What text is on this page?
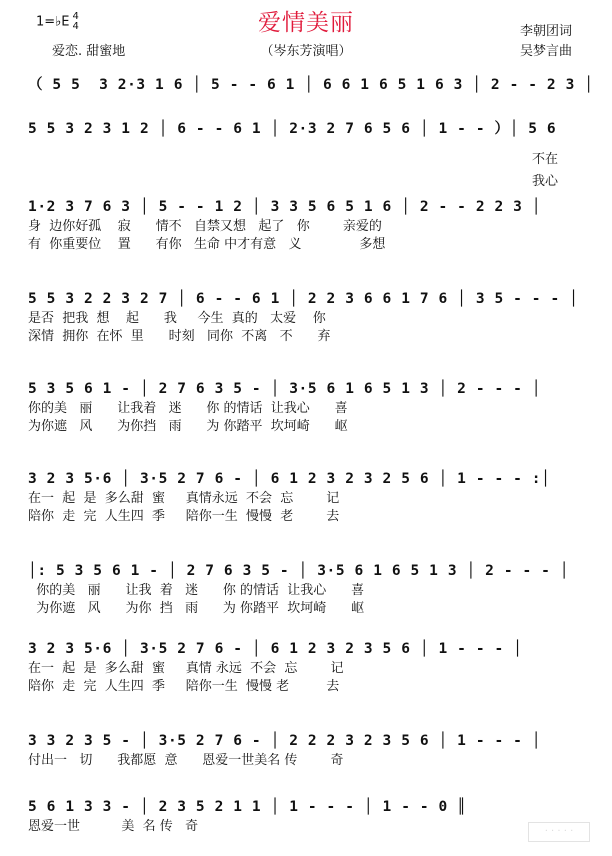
爱情美丽
1=♭E 4
4
爱恋. 甜蜜地	（岑东芳演唱）
李朝团词
吴梦言曲
（ 5 5  3 2·3 1 6 │ 5 - - 6 1 │ 6 6 1 6 5 1 6 3 │ 2 - - 2 3 │
5 5 3 2 3 1 2 │ 6 - - 6 1 │ 2·3 2 7 6 5 6 │ 1 - - ）│ 5 6
不在
我心
1·2 3 7 6 3 │ 5 - - 1 2 │ 3 3 5 6 5 1 6 │ 2 - - 2 2 3 │
身  边你好孤    寂      情不   自禁又想   起了   你        亲爱的
有  你重要位    置      有你   生命 中才有意   义              多想
5 5 3 2 2 3 2 7 │ 6 - - 6 1 │ 2 2 3 6 6 1 7 6 │ 3 5 - - - │
是否  把我  想    起      我     今生  真的   太爱    你
深情  拥你  在怀  里      时刻   同你  不离   不      弃
5 3 5 6 1 - │ 2 7 6 3 5 - │ 3·5 6 1 6 5 1 3 │ 2 - - - │
你的美   丽      让我着   迷      你 的情话  让我心      喜
为你遮   风      为你挡   雨      为 你踏平  坎坷崎      岖
3 2 3 5·6 │ 3·5 2 7 6 - │ 6 1 2 3 2 3 2 5 6 │ 1 - - - :│
在一  起  是  多么甜  蜜     真情永远  不会  忘        记
陪你  走  完  人生四  季     陪你一生  慢慢  老        去
│: 5 3 5 6 1 - │ 2 7 6 3 5 - │ 3·5 6 1 6 5 1 3 │ 2 - - - │
你的美   丽      让我  着   迷      你 的情话  让我心      喜
为你遮   风      为你  挡   雨      为 你踏平  坎坷崎      岖
3 2 3 5·6 │ 3·5 2 7 6 - │ 6 1 2 3 2 3 5 6 │ 1 - - - │
在一  起  是  多么甜  蜜     真情 永远  不会  忘        记
陪你  走  完  人生四  季     陪你一生  慢慢 老         去
3 3 2 3 5 - │ 3·5 2 7 6 - │ 2 2 2 3 2 3 5 6 │ 1 - - - │
付出一   切      我都愿  意      恩爱一世美名 传        奇
5 6 1 3 3 - │ 2 3 5 2 1 1 │ 1 - - - │ 1 - - 0 ║
恩爱一世          美  名 传   奇	· · · · ·
